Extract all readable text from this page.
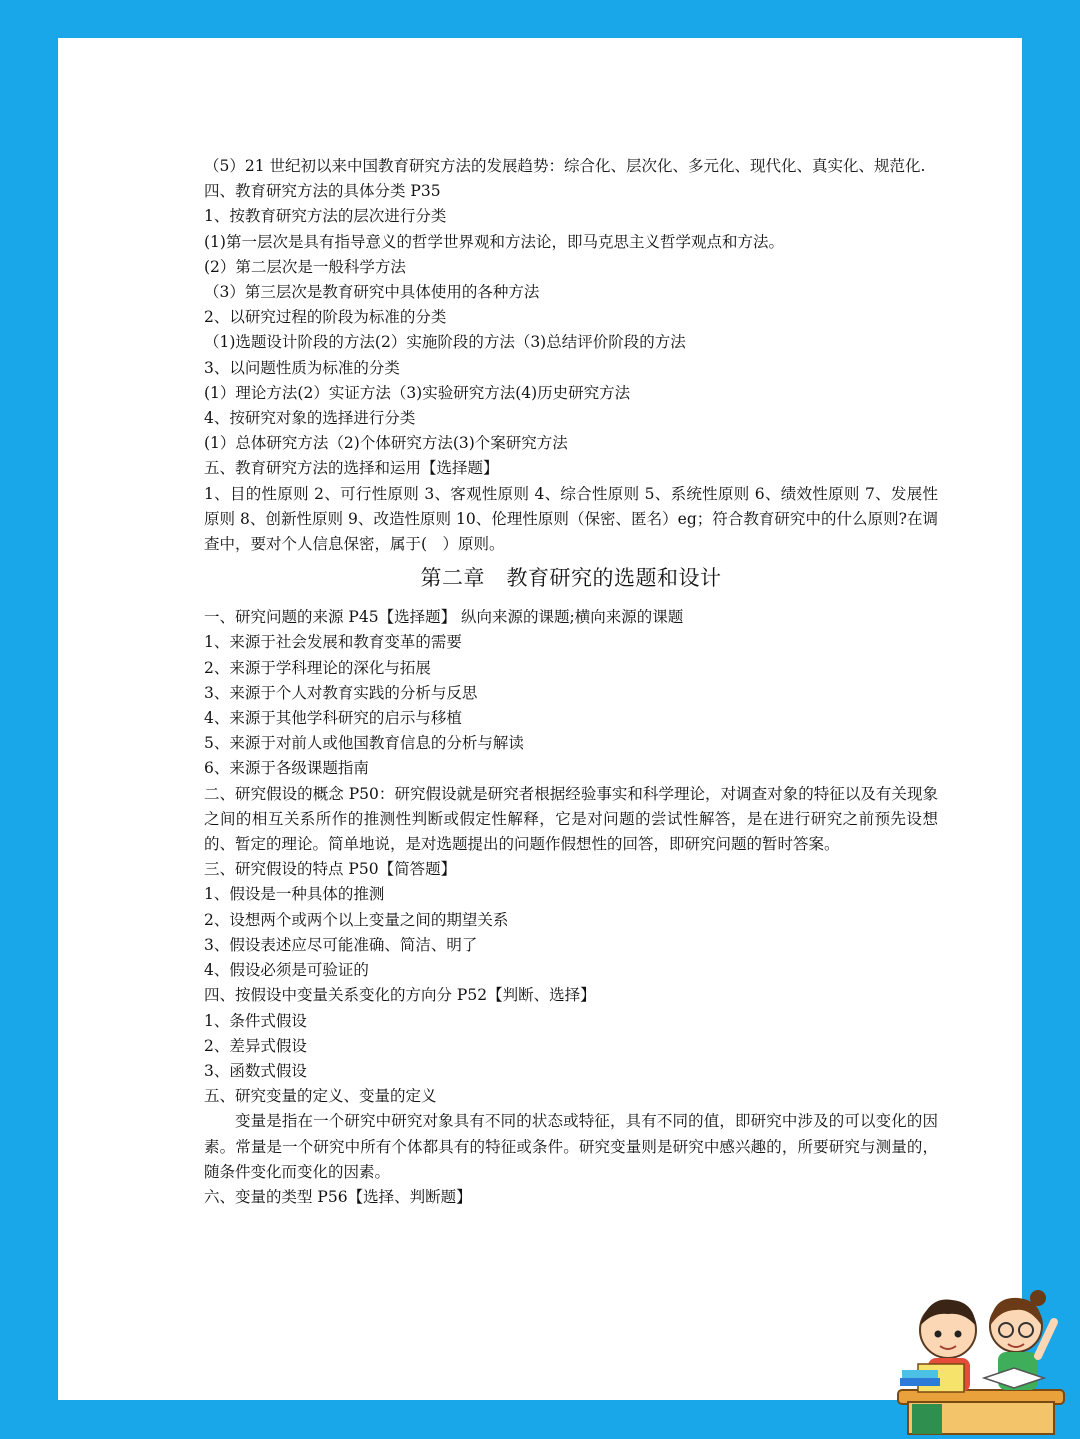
（5）21 世纪初以来中国教育研究方法的发展趋势：综合化、层次化、多元化、现代化、真实化、规范化.
四、教育研究方法的具体分类 P35
1、按教育研究方法的层次进行分类
(1)第一层次是具有指导意义的哲学世界观和方法论，即马克思主义哲学观点和方法。
(2）第二层次是一般科学方法
（3）第三层次是教育研究中具体使用的各种方法
2、以研究过程的阶段为标准的分类
（1)选题设计阶段的方法(2）实施阶段的方法（3)总结评价阶段的方法
3、以问题性质为标准的分类
(1）理论方法(2）实证方法（3)实验研究方法(4)历史研究方法
4、按研究对象的选择进行分类
(1）总体研究方法（2)个体研究方法(3)个案研究方法
五、教育研究方法的选择和运用【选择题】
1、目的性原则 2、可行性原则 3、客观性原则 4、综合性原则 5、系统性原则 6、绩效性原则 7、发展性原则 8、创新性原则 9、改造性原则 10、伦理性原则（保密、匿名）eg；符合教育研究中的什么原则?在调查中，要对个人信息保密，属于(　）原则。
第二章　教育研究的选题和设计
一、研究问题的来源 P45【选择题】 纵向来源的课题;横向来源的课题
1、来源于社会发展和教育变革的需要
2、来源于学科理论的深化与拓展
3、来源于个人对教育实践的分析与反思
4、来源于其他学科研究的启示与移植
5、来源于对前人或他国教育信息的分析与解读
6、来源于各级课题指南
二、研究假设的概念 P50：研究假设就是研究者根据经验事实和科学理论，对调查对象的特征以及有关现象之间的相互关系所作的推测性判断或假定性解释，它是对问题的尝试性解答，是在进行研究之前预先设想的、暂定的理论。简单地说，是对选题提出的问题作假想性的回答，即研究问题的暂时答案。
三、研究假设的特点 P50【简答题】
1、假设是一种具体的推测
2、设想两个或两个以上变量之间的期望关系
3、假设表述应尽可能准确、简洁、明了
4、假设必须是可验证的
四、按假设中变量关系变化的方向分 P52【判断、选择】
1、条件式假设
2、差异式假设
3、函数式假设
五、研究变量的定义、变量的定义
变量是指在一个研究中研究对象具有不同的状态或特征，具有不同的值，即研究中涉及的可以变化的因素。常量是一个研究中所有个体都具有的特征或条件。研究变量则是研究中感兴趣的，所要研究与测量的，随条件变化而变化的因素。
六、变量的类型 P56【选择、判断题】
